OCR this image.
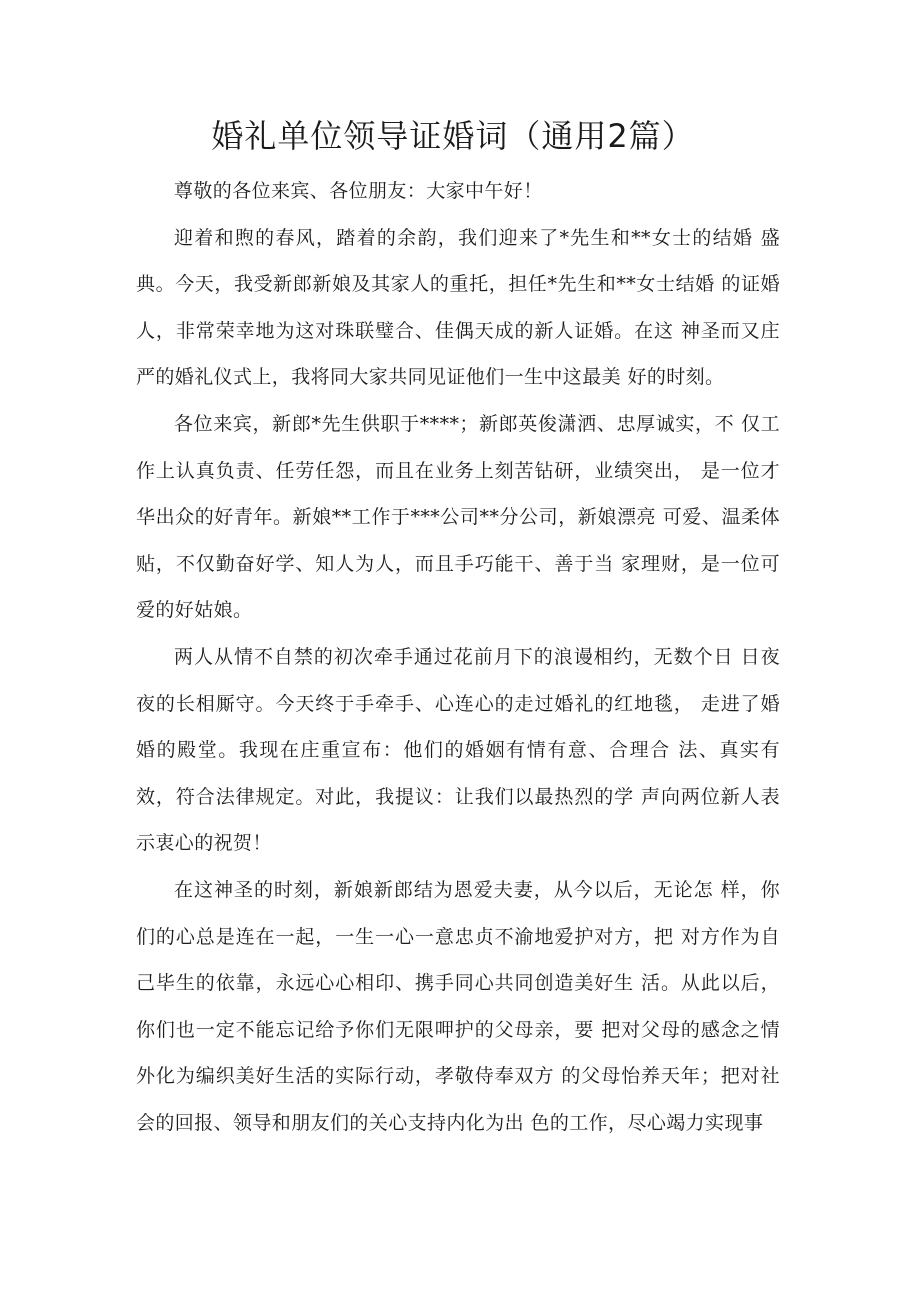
婚礼单位领导证婚词（通用2篇）

尊敬的各位来宾、各位朋友：大家中午好！

迎着和煦的春风，踏着的余韵，我们迎来了*先生和**女士的结婚 盛典。今天，我受新郎新娘及其家人的重托，担任*先生和**女士结婚 的证婚人，非常荣幸地为这对珠联璧合、佳偶天成的新人证婚。在这 神圣而又庄严的婚礼仪式上，我将同大家共同见证他们一生中这最美 好的时刻。

各位来宾，新郎*先生供职于****；新郎英俊潇洒、忠厚诚实，不 仅工作上认真负责、任劳任怨，而且在业务上刻苦钻研，业绩突出， 是一位才华出众的好青年。新娘**工作于***公司**分公司，新娘漂亮 可爱、温柔体贴，不仅勤奋好学、知人为人，而且手巧能干、善于当 家理财，是一位可爱的好姑娘。

两人从情不自禁的初次牵手通过花前月下的浪谩相约，无数个日 日夜夜的长相厮守。今天终于手牵手、心连心的走过婚礼的红地毯， 走进了婚婚的殿堂。我现在庄重宣布：他们的婚姻有情有意、合理合 法、真实有效，符合法律规定。对此，我提议：让我们以最热烈的学 声向两位新人表示衷心的祝贺！

在这神圣的时刻，新娘新郎结为恩爱夫妻，从今以后，无论怎 样，你们的心总是连在一起，一生一心一意忠贞不渝地爱护对方，把 对方作为自己毕生的依靠，永远心心相印、携手同心共同创造美好生 活。从此以后，你们也一定不能忘记给予你们无限呷护的父母亲，要 把对父母的感念之情外化为编织美好生活的实际行动，孝敬侍奉双方 的父母怡养天年；把对社会的回报、领导和朋友们的关心支持内化为出 色的工作，尽心竭力实现事
